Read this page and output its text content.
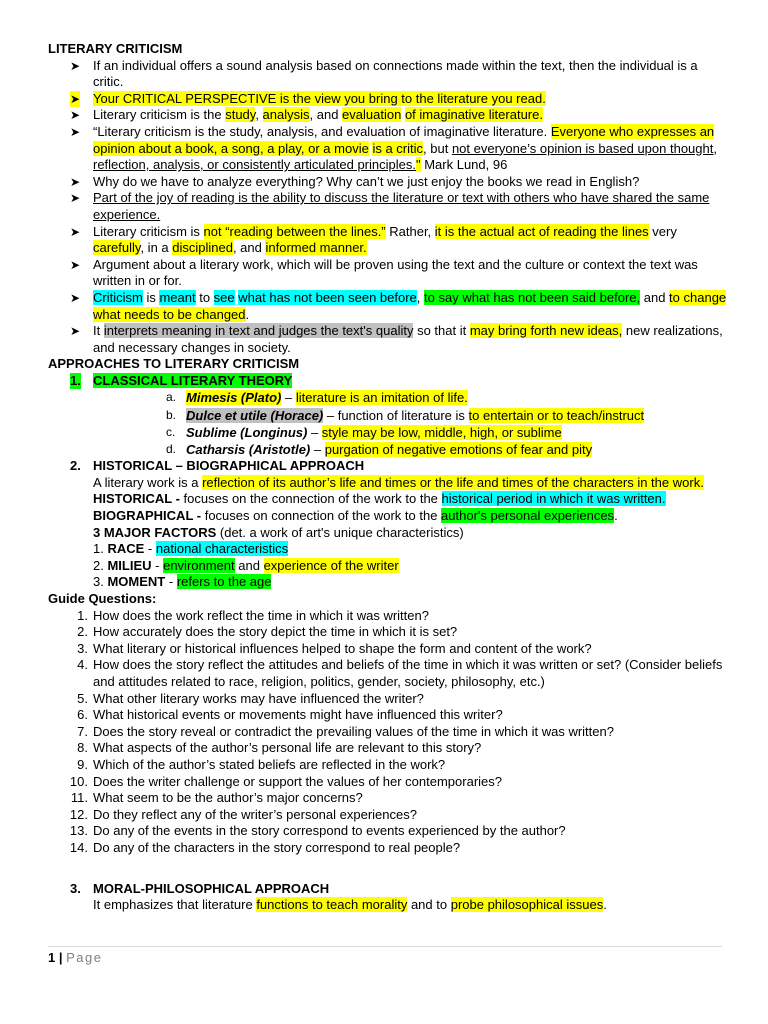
LITERARY CRITICISM
➤ If an individual offers a sound analysis based on connections made within the text, then the individual is a critic.
➤ Your CRITICAL PERSPECTIVE is the view you bring to the literature you read.
➤ Literary criticism is the study, analysis, and evaluation of imaginative literature.
➤ “Literary criticism is the study, analysis, and evaluation of imaginative literature. Everyone who expresses an opinion about a book, a song, a play, or a movie is a critic, but not everyone’s opinion is based upon thought, reflection, analysis, or consistently articulated principles." Mark Lund, 96
➤ Why do we have to analyze everything? Why can’t we just enjoy the books we read in English?
➤ Part of the joy of reading is the ability to discuss the literature or text with others who have shared the same experience.
➤ Literary criticism is not “reading between the lines.” Rather, it is the actual act of reading the lines very carefully, in a disciplined, and informed manner.
➤ Argument about a literary work, which will be proven using the text and the culture or context the text was written in or for.
➤ Criticism is meant to see what has not been seen before, to say what has not been said before, and to change what needs to be changed.
➤ It interprets meaning in text and judges the text's quality so that it may bring forth new ideas, new realizations, and necessary changes in society.
APPROACHES TO LITERARY CRITICISM
1. CLASSICAL LITERARY THEORY
a. Mimesis (Plato) – literature is an imitation of life.
b. Dulce et utile (Horace) – function of literature is to entertain or to teach/instruct
c. Sublime (Longinus) – style may be low, middle, high, or sublime
d. Catharsis (Aristotle) – purgation of negative emotions of fear and pity
2. HISTORICAL – BIOGRAPHICAL APPROACH
A literary work is a reflection of its author’s life and times or the life and times of the characters in the work.
HISTORICAL - focuses on the connection of the work to the historical period in which it was written.
BIOGRAPHICAL - focuses on connection of the work to the author's personal experiences.
3 MAJOR FACTORS (det. a work of art's unique characteristics)
1. RACE - national characteristics
2. MILIEU - environment and experience of the writer
3. MOMENT - refers to the age
Guide Questions:
1. How does the work reflect the time in which it was written?
2. How accurately does the story depict the time in which it is set?
3. What literary or historical influences helped to shape the form and content of the work?
4. How does the story reflect the attitudes and beliefs of the time in which it was written or set? (Consider beliefs and attitudes related to race, religion, politics, gender, society, philosophy, etc.)
5. What other literary works may have influenced the writer?
6. What historical events or movements might have influenced this writer?
7. Does the story reveal or contradict the prevailing values of the time in which it was written?
8. What aspects of the author’s personal life are relevant to this story?
9. Which of the author’s stated beliefs are reflected in the work?
10. Does the writer challenge or support the values of her contemporaries?
11. What seem to be the author’s major concerns?
12. Do they reflect any of the writer’s personal experiences?
13. Do any of the events in the story correspond to events experienced by the author?
14. Do any of the characters in the story correspond to real people?
3. MORAL-PHILOSOPHICAL APPROACH
It emphasizes that literature functions to teach morality and to probe philosophical issues.
1 | Page
